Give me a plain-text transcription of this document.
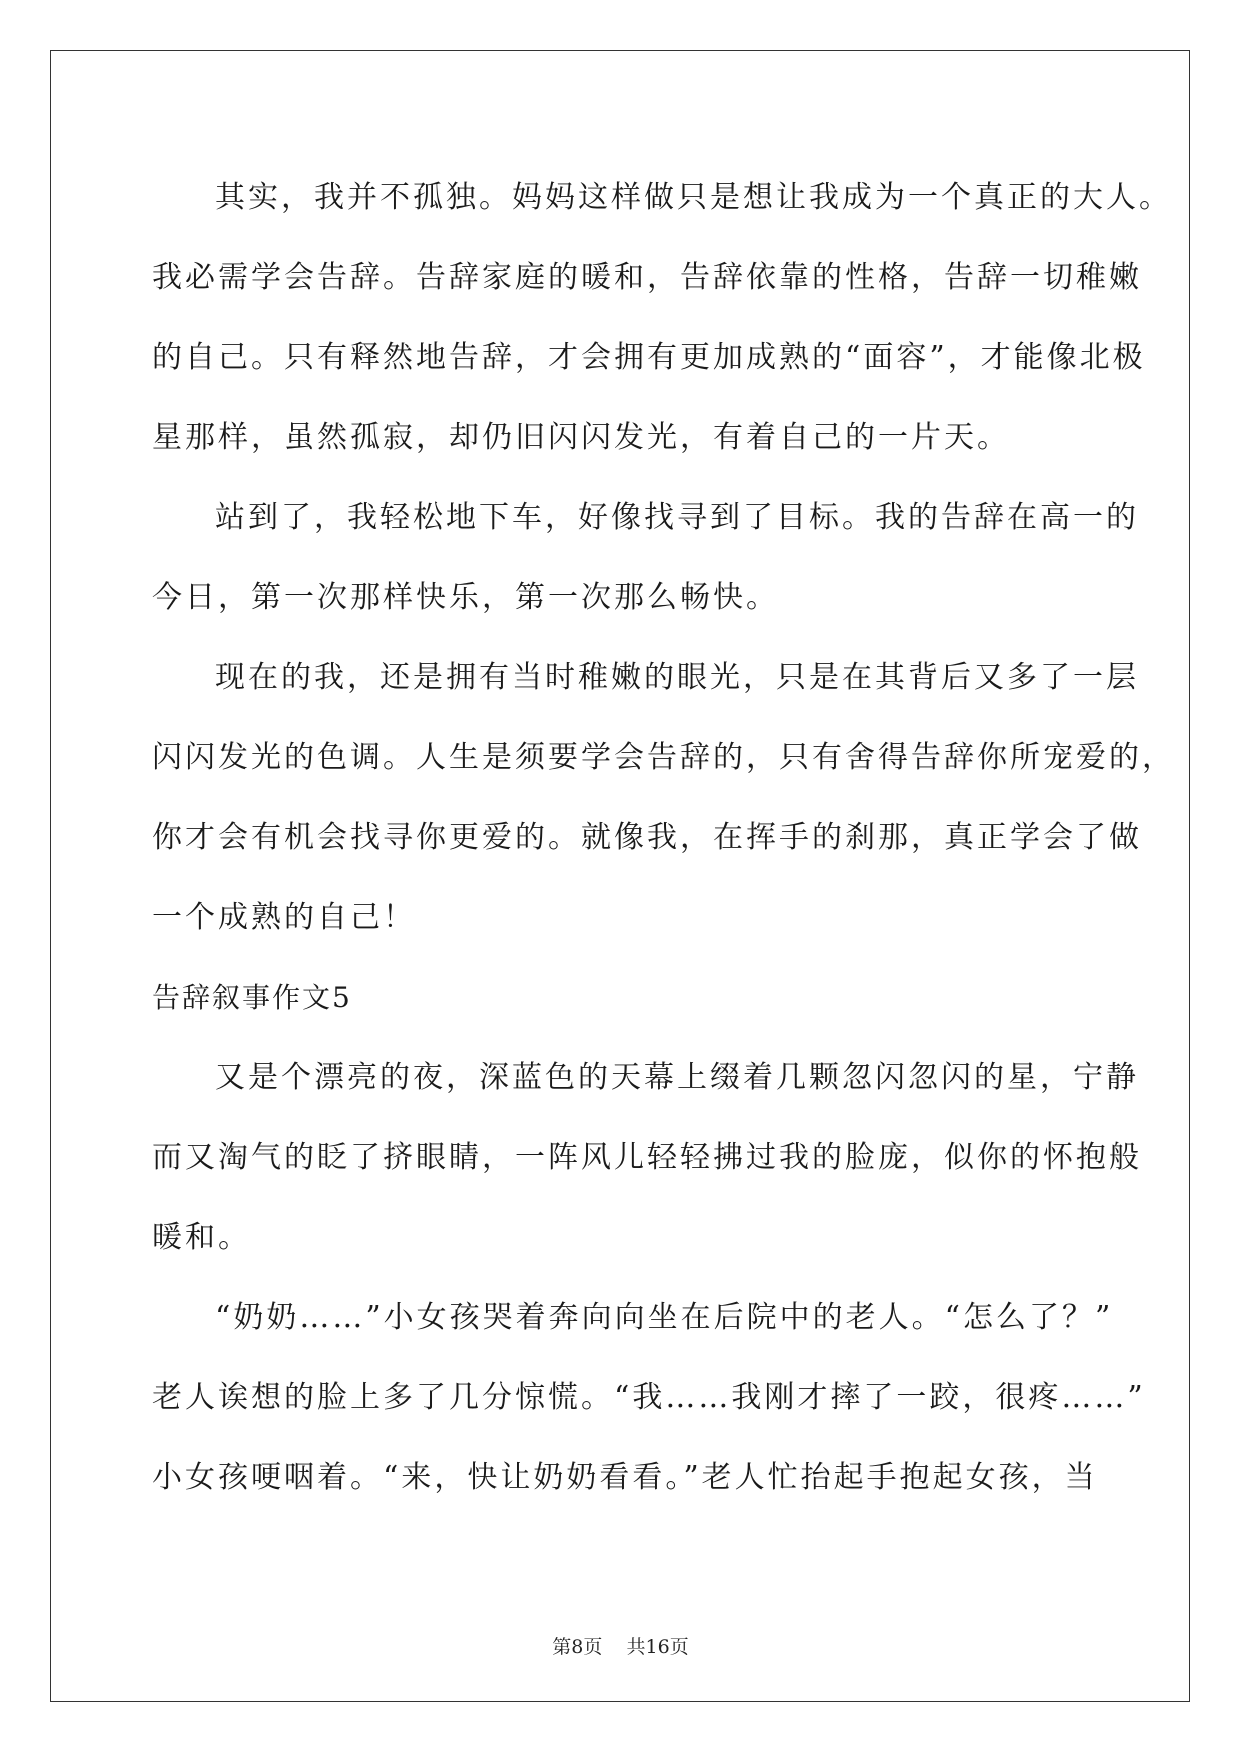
其实，我并不孤独。妈妈这样做只是想让我成为一个真正的大人。
我必需学会告辞。告辞家庭的暖和，告辞依靠的性格，告辞一切稚嫩
的自己。只有释然地告辞，才会拥有更加成熟的“面容”，才能像北极
星那样，虽然孤寂，却仍旧闪闪发光，有着自己的一片天。
站到了，我轻松地下车，好像找寻到了目标。我的告辞在高一的
今日，第一次那样快乐，第一次那么畅快。
现在的我，还是拥有当时稚嫩的眼光，只是在其背后又多了一层
闪闪发光的色调。人生是须要学会告辞的，只有舍得告辞你所宠爱的，
你才会有机会找寻你更爱的。就像我，在挥手的刹那，真正学会了做
一个成熟的自己！
告辞叙事作文5
又是个漂亮的夜，深蓝色的天幕上缀着几颗忽闪忽闪的星，宁静
而又淘气的眨了挤眼睛，一阵风儿轻轻拂过我的脸庞，似你的怀抱般
暖和。
“奶奶……”小女孩哭着奔向向坐在后院中的老人。“怎么了？”
老人诶想的脸上多了几分惊慌。“我……我刚才摔了一跤，很疼……”
小女孩哽咽着。“来，快让奶奶看看。”老人忙抬起手抱起女孩，当
第8页    共16页
